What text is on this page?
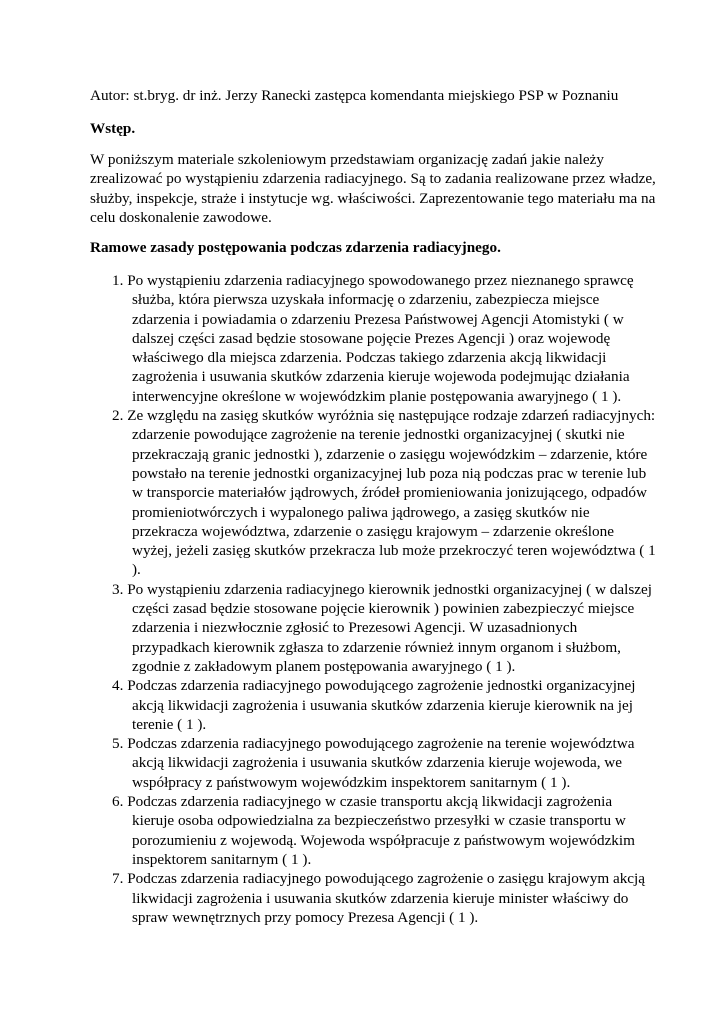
Autor: st.bryg. dr inż. Jerzy Ranecki zastępca komendanta miejskiego PSP w Poznaniu
Wstęp.

W poniższym materiale szkoleniowym przedstawiam organizację zadań jakie należy
zrealizować po wystąpieniu zdarzenia radiacyjnego. Są to zadania realizowane przez władze,
służby, inspekcje, straże i instytucje wg. właściwości. Zaprezentowanie tego materiału ma na
celu doskonalenie zawodowe.

Ramowe zasady postępowania podczas zdarzenia radiacyjnego.
1. Po wystąpieniu zdarzenia radiacyjnego spowodowanego przez nieznanego sprawcę
służba, która pierwsza uzyskała informację o zdarzeniu, zabezpiecza miejsce
zdarzenia i powiadamia o zdarzeniu Prezesa Państwowej Agencji Atomistyki ( w
dalszej części zasad będzie stosowane pojęcie Prezes Agencji ) oraz wojewodę
właściwego dla miejsca zdarzenia. Podczas takiego zdarzenia akcją likwidacji
zagrożenia i usuwania skutków zdarzenia kieruje wojewoda podejmując działania
interwencyjne określone w wojewódzkim planie postępowania awaryjnego ( 1 ).
2. Ze względu na zasięg skutków wyróżnia się następujące rodzaje zdarzeń radiacyjnych:
zdarzenie powodujące zagrożenie na terenie jednostki organizacyjnej ( skutki nie
przekraczają granic jednostki ), zdarzenie o zasięgu wojewódzkim – zdarzenie, które
powstało na terenie jednostki organizacyjnej lub poza nią podczas prac w terenie lub
w transporcie materiałów jądrowych, źródeł promieniowania jonizującego, odpadów
promieniotwórczych i wypalonego paliwa jądrowego, a zasięg skutków nie
przekracza województwa, zdarzenie o zasięgu krajowym – zdarzenie określone
wyżej, jeżeli zasięg skutków przekracza lub może przekroczyć teren województwa ( 1
).
3. Po wystąpieniu zdarzenia radiacyjnego kierownik jednostki organizacyjnej ( w dalszej
części zasad będzie stosowane pojęcie kierownik ) powinien zabezpieczyć miejsce
zdarzenia i niezwłocznie zgłosić to Prezesowi Agencji. W uzasadnionych
przypadkach kierownik zgłasza to zdarzenie również innym organom i służbom,
zgodnie z zakładowym planem postępowania awaryjnego ( 1 ).
4. Podczas zdarzenia radiacyjnego powodującego zagrożenie jednostki organizacyjnej
akcją likwidacji zagrożenia i usuwania skutków zdarzenia kieruje kierownik na jej
terenie ( 1 ).
5. Podczas zdarzenia radiacyjnego powodującego zagrożenie na terenie województwa
akcją likwidacji zagrożenia i usuwania skutków zdarzenia kieruje wojewoda, we
współpracy z państwowym wojewódzkim inspektorem sanitarnym ( 1 ).
6. Podczas zdarzenia radiacyjnego w czasie transportu akcją likwidacji zagrożenia
kieruje osoba odpowiedzialna za bezpieczeństwo przesyłki w czasie transportu w
porozumieniu z wojewodą. Wojewoda współpracuje z państwowym wojewódzkim
inspektorem sanitarnym ( 1 ).
7. Podczas zdarzenia radiacyjnego powodującego zagrożenie o zasięgu krajowym akcją
likwidacji zagrożenia i usuwania skutków zdarzenia kieruje minister właściwy do
spraw wewnętrznych przy pomocy Prezesa Agencji ( 1 ).
